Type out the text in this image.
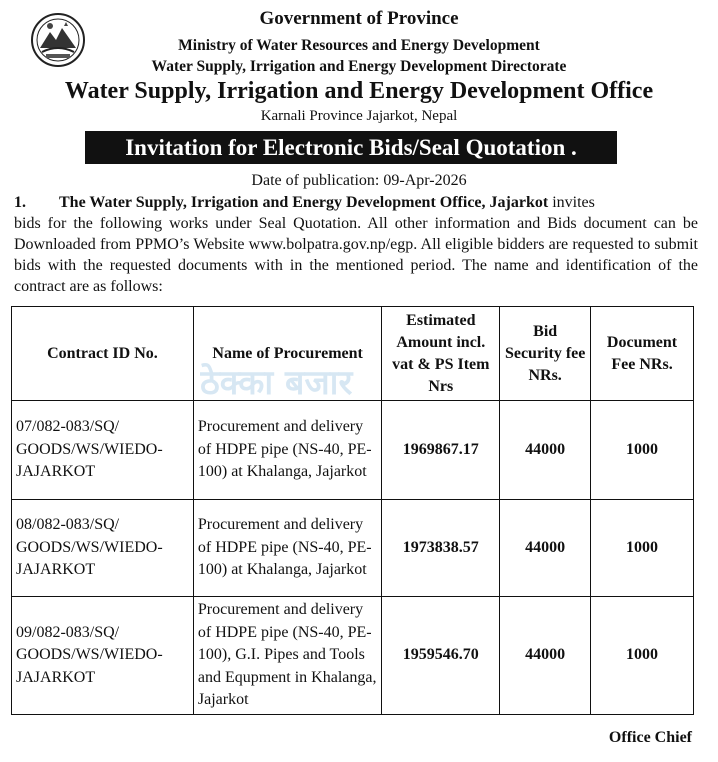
Government of Province
Ministry of Water Resources and Energy Development
Water Supply, Irrigation and Energy Development Directorate
Water Supply, Irrigation and Energy Development Office
Karnali Province Jajarkot, Nepal
Invitation for Electronic Bids/Seal Quotation .
Date of publication: 09-Apr-2026
1.	The Water Supply, Irrigation and Energy Development Office, Jajarkot invites
bids for the following works under Seal Quotation. All other information and Bids document can be Downloaded from PPMO’s Website www.bolpatra.gov.np/egp. All eligible bidders are requested to submit bids with the requested documents with in the mentioned period. The name and identification of the contract are as follows:
Contract ID No.	Name of Procurement	Estimated Amount incl. vat & PS Item Nrs	Bid Security fee NRs.	Document Fee NRs.
07/082-083/SQ/ GOODS/WS/WIEDO- JAJARKOT	Procurement and delivery of HDPE pipe (NS-40, PE-100) at Khalanga, Jajarkot	1969867.17	44000	1000
08/082-083/SQ/ GOODS/WS/WIEDO- JAJARKOT	Procurement and delivery of HDPE pipe (NS-40, PE-100) at Khalanga, Jajarkot	1973838.57	44000	1000
09/082-083/SQ/ GOODS/WS/WIEDO- JAJARKOT	Procurement and delivery of HDPE pipe (NS-40, PE-100), G.I. Pipes and Tools and Equpment in Khalanga, Jajarkot	1959546.70	44000	1000
ठेक्का बजार
Office Chief
